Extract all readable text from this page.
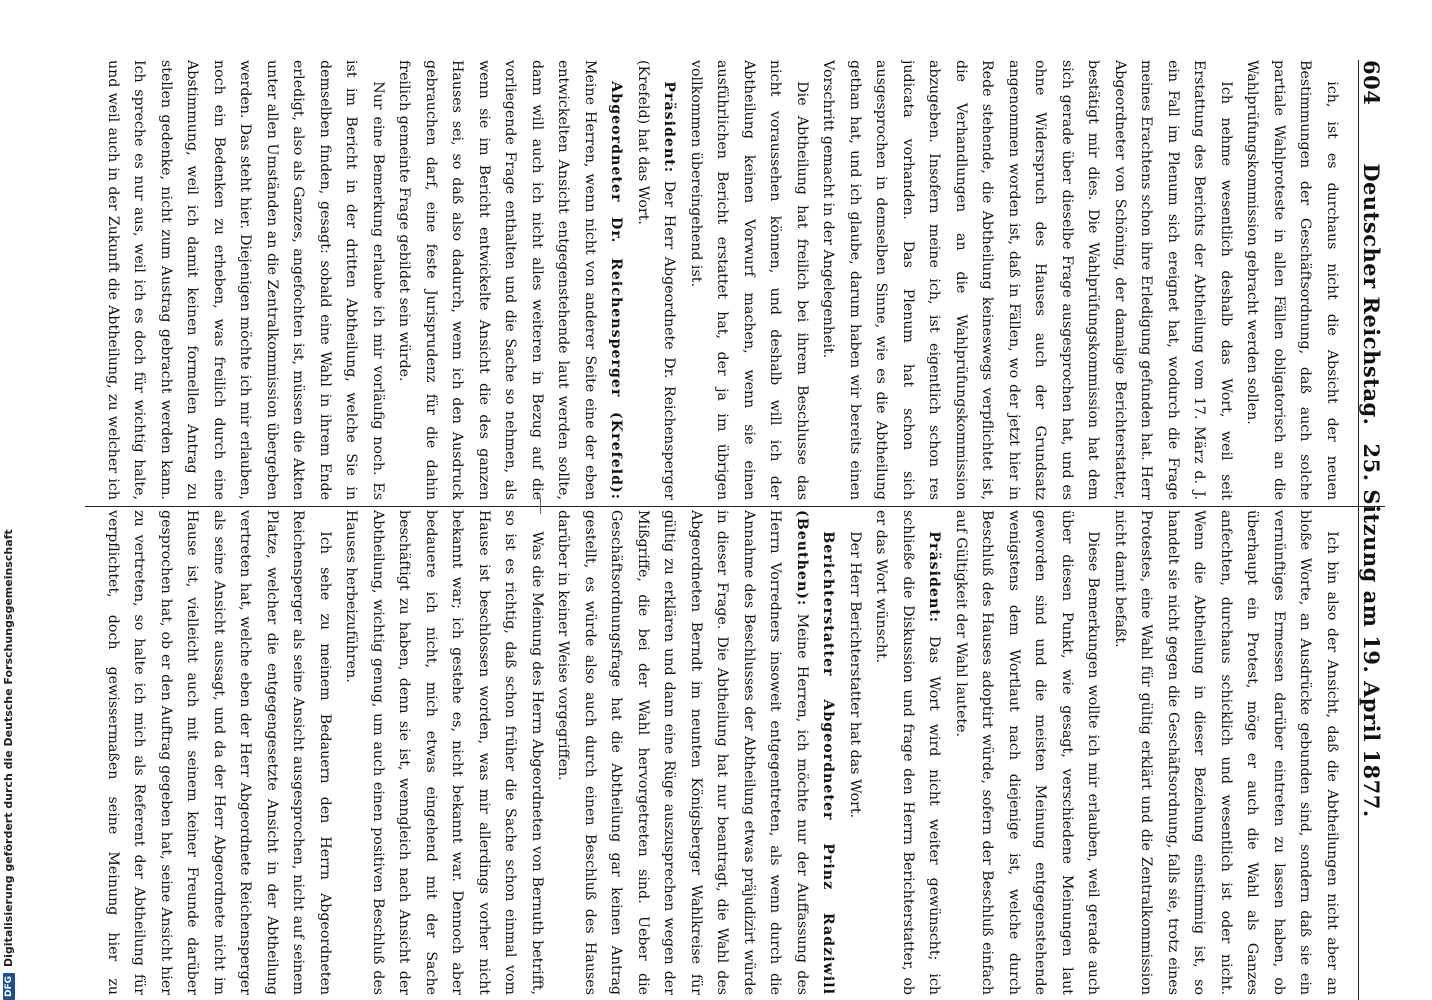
604
Deutscher Reichstag.
25. Sitzung am 19. April 1877.

ich, ist es durchaus nicht die Absicht der neuen Bestimmungen der Geschäftsordnung, daß auch solche partiale Wahlproteste in allen Fällen obligatorisch an die Wahlprüfungskommission gebracht werden sollen.

Ich nehme wesentlich deshalb das Wort, weil seit Erstattung des Berichts der Abtheilung vom 17. März d. J. ein Fall im Plenum sich ereignet hat, wodurch die Frage meines Erachtens schon ihre Erledigung gefunden hat. Herr Abgeordneter von Schöning, der damalige Berichterstatter, bestätigt mir dies. Die Wahlprüfungskommission hat dem sich gerade über dieselbe Frage ausgesprochen hat, und es ohne Widerspruch des Hauses auch der Grundsatz angenommen worden ist, daß in Fällen, wo der jetzt hier in Rede stehende, die Abtheilung keineswegs verpflichtet ist, die Verhandlungen an die Wahlprüfungskommission abzugeben. Insofern meine ich, ist eigentlich schon res judicata vorhanden. Das Plenum hat schon sich ausgesprochen in demselben Sinne, wie es die Abtheilung gethan hat, und ich glaube, darum haben wir bereits einen Vorschritt gemacht in der Angelegenheit.

Die Abtheilung hat freilich bei ihrem Beschlusse das nicht voraussehen können, und deshalb will ich der Abtheilung keinen Vorwurf machen, wenn sie einen ausführlichen Bericht erstattet hat, der ja im übrigen vollkommen übereingehend ist.

Präsident: Der Herr Abgeordnete Dr. Reichensperger (Krefeld) hat das Wort.

Abgeordneter Dr. Reichensperger (Krefeld): Meine Herren, wenn nicht von anderer Seite eine der eben entwickelten Ansicht entgegenstehende laut werden sollte, dann will auch ich nicht alles weiteren in Bezug auf die vorliegende Frage enthalten und die Sache so nehmen, als wenn sie im Bericht entwickelte Ansicht die des ganzen Hauses sei, so daß also dadurch, wenn ich den Ausdruck gebrauchen darf, eine feste Jurisprudenz für die dahin freilich gemeinte Frage gebildet sein würde.

Nur eine Bemerkung erlaube ich mir vorläufig noch. Es ist im Bericht in der dritten Abtheilung, welche Sie in demselben finden, gesagt: sobald eine Wahl in ihrem Ende erledigt, also als Ganzes, angefochten ist, müssen die Akten unter allen Umständen an die Zentralkommission übergeben werden. Das steht hier. Diejenigen möchte ich mir erlauben, noch ein Bedenken zu erheben, was freilich durch eine Abstimmung, weil ich damit keinen formellen Antrag zu stellen gedenke, nicht zum Austrag gebracht werden kann. Ich spreche es nur aus, weil ich es doch für wichtig halte, und weil auch in der Zukunft die Abtheilung, zu welcher ich

Ich bin also der Ansicht, daß die Abtheilungen nicht aber an bloße Worte, an Ausdrücke gebunden sind, sondern daß sie ein vernünftiges Ermessen darüber eintreten zu lassen haben, ob überhaupt ein Protest, möge er auch die Wahl als Ganzes anfechten, durchaus schicklich und wesentlich ist oder nicht. Wenn die Abtheilung in dieser Beziehung einstimmig ist, so handelt sie nicht gegen die Geschäftsordnung, falls sie, trotz eines Protestes, eine Wahl für gültig erklärt und die Zentralkommission nicht damit befaßt.

Diese Bemerkungen wollte ich mir erlauben, weil gerade auch über diesen Punkt, wie gesagt, verschiedene Meinungen laut geworden sind und die meisten Meinung entgegenstehende wenigstens dem Wortlaut nach diejenige ist, welche durch Beschluß des Hauses adoptirt würde, sofern der Beschluß einfach auf Gültigkeit der Wahl lautete.

Präsident: Das Wort wird nicht weiter gewünscht; ich schließe die Diskussion und frage den Herrn Berichterstatter, ob er das Wort wünscht.

Der Herr Berichterstatter hat das Wort.

Berichterstatter Abgeordneter Prinz Radziwill (Beuthen): Meine Herren, ich möchte nur der Auffassung des Herrn Vorredners insoweit entgegentreten, als wenn durch die Annahme des Beschlusses der Abtheilung etwas präjudizirt würde in dieser Frage. Die Abtheilung hat nur beantragt, die Wahl des Abgeordneten Berndt im neunten Königsberger Wahlkreise für gültig zu erklären und dann eine Rüge auszusprechen wegen der Mißgriffe, die bei der Wahl hervorgetreten sind. Ueber die Geschäftsordnungsfrage hat die Abtheilung gar keinen Antrag gestellt, es würde also auch durch einen Beschluß des Hauses darüber in keiner Weise vorgegriffen.

Was die Meinung des Herrn Abgeordneten von Bernuth betrifft, so ist es richtig, daß schon früher die Sache schon einmal vom Hause ist beschlossen worden, was mir allerdings vorher nicht bekannt war; ich gestehe es, nicht bekannt war. Dennoch aber bedauere ich nicht, mich etwas eingehend mit der Sache beschäftigt zu haben, denn sie ist, wenngleich nach Ansicht der Abtheilung, wichtig genug, um auch einen positiven Beschluß des Hauses herbeizuführen.

Ich sehe zu meinem Bedauern den Herrn Abgeordneten Reichensperger als seine Ansicht ausgesprochen, nicht auf seinem Platze, welcher die entgegengesetzte Ansicht in der Abtheilung vertreten hat, welche eben der Herr Abgeordnete Reichensperger als seine Ansicht aussagt, und da der Herr Abgeordnete nicht im Hause ist, vielleicht auch mit seinem keiner Freunde darüber gesprochen hat, ob er den Auftrag gegeben hat, seine Ansicht hier zu vertreten, so halte ich mich als Referent der Abtheilung für verpflichtet, doch gewissermaßen seine Meinung hier zu

DFG
Digitalisierung gefördert durch die Deutsche Forschungsgemeinschaft
